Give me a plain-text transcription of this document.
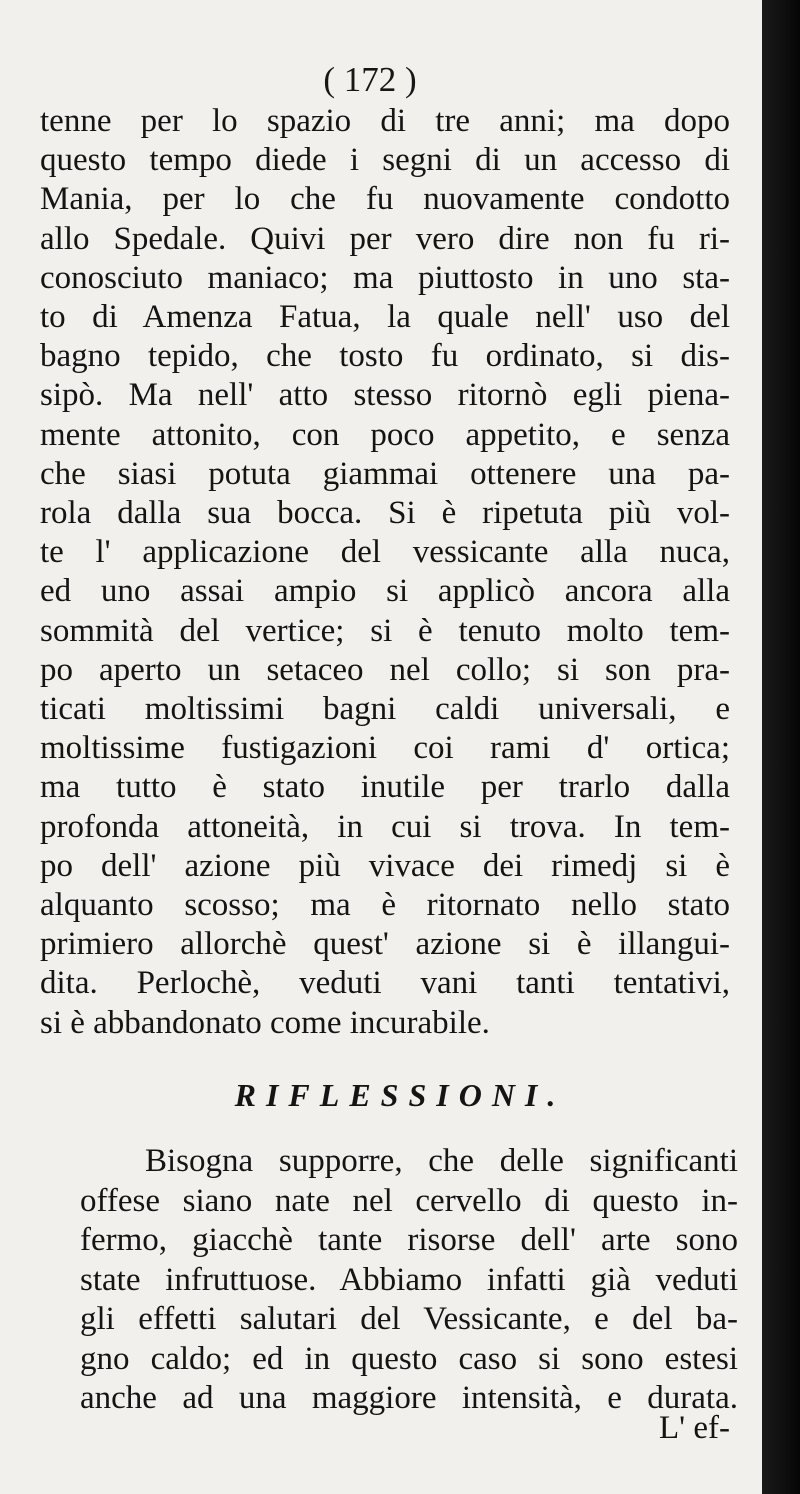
( 172 )
tenne per lo spazio di tre anni; ma dopo
questo tempo diede i segni di un accesso di
Mania, per lo che fu nuovamente condotto
allo Spedale. Quivi per vero dire non fu ri-
conosciuto maniaco; ma piuttosto in uno sta-
to di Amenza Fatua, la quale nell' uso del
bagno tepido, che tosto fu ordinato, si dis-
sipò. Ma nell' atto stesso ritornò egli piena-
mente attonito, con poco appetito, e senza
che siasi potuta giammai ottenere una pa-
rola dalla sua bocca. Si è ripetuta più vol-
te l' applicazione del vessicante alla nuca,
ed uno assai ampio si applicò ancora alla
sommità del vertice; si è tenuto molto tem-
po aperto un setaceo nel collo; si son pra-
ticati moltissimi bagni caldi universali, e
moltissime fustigazioni coi rami d' ortica;
ma tutto è stato inutile per trarlo dalla
profonda attoneità, in cui si trova. In tem-
po dell' azione più vivace dei rimedj si è
alquanto scosso; ma è ritornato nello stato
primiero allorchè quest' azione si è illangui-
dita. Perlochè, veduti vani tanti tentativi,
si è abbandonato come incurabile.
RIFLESSIONI.
Bisogna supporre, che delle significanti
offese siano nate nel cervello di questo in-
fermo, giacchè tante risorse dell' arte sono
state infruttuose. Abbiamo infatti già veduti
gli effetti salutari del Vessicante, e del ba-
gno caldo; ed in questo caso si sono estesi
anche ad una maggiore intensità, e durata.
L' ef-
